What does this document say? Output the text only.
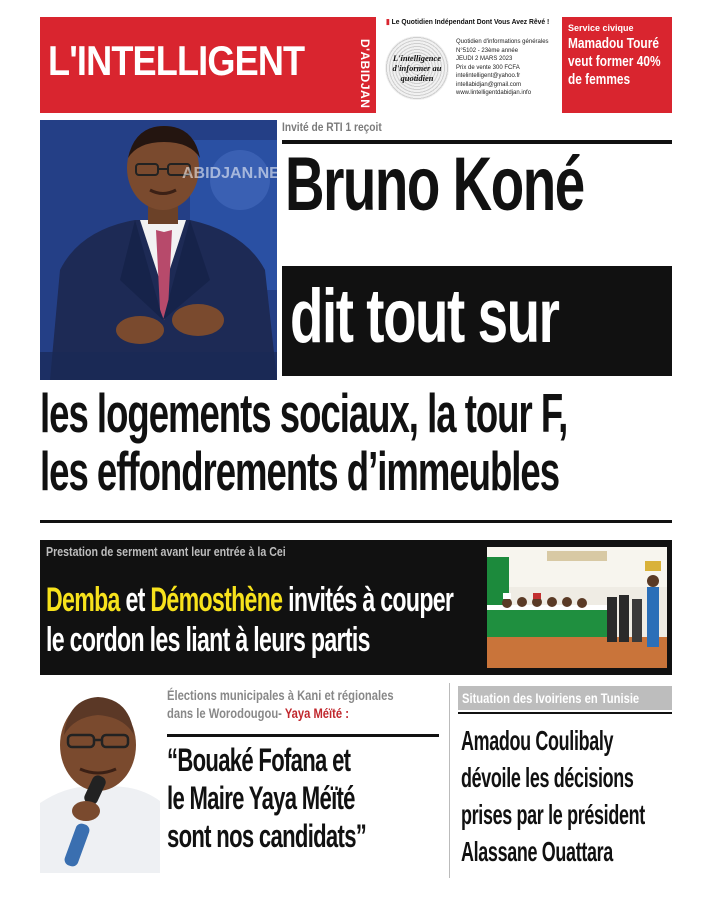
L'INTELLIGENT	D'ABIDJAN
▮ Le Quotidien Indépendant Dont Vous Avez Rêvé !
L'intelligence d'informer au quotidien
Quotidien d'informations générales
N°5102 - 23ème année
JEUDI 2 MARS 2023
Prix de vente 300 FCFA
intelintelligent@yahoo.fr
intellabidjan@gmail.com
www.lintelligentdabidjan.info
Service civique
Mamadou Touré veut former 40% de femmes
ABIDJAN.NET
Invité de RTI 1 reçoit
Bruno Koné
dit tout sur
les logements sociaux, la tour F,
les effondrements d’immeubles
Prestation de serment avant leur entrée à la Cei
Demba et Démosthène invités à couper
le cordon les liant à leurs partis
Élections municipales à Kani et régionales
dans le Worodougou- Yaya Méïté :
“Bouaké Fofana et
le Maire Yaya Méïté
sont nos candidats”
Situation des Ivoiriens en Tunisie
Amadou Coulibaly
dévoile les décisions
prises par le président
Alassane Ouattara
